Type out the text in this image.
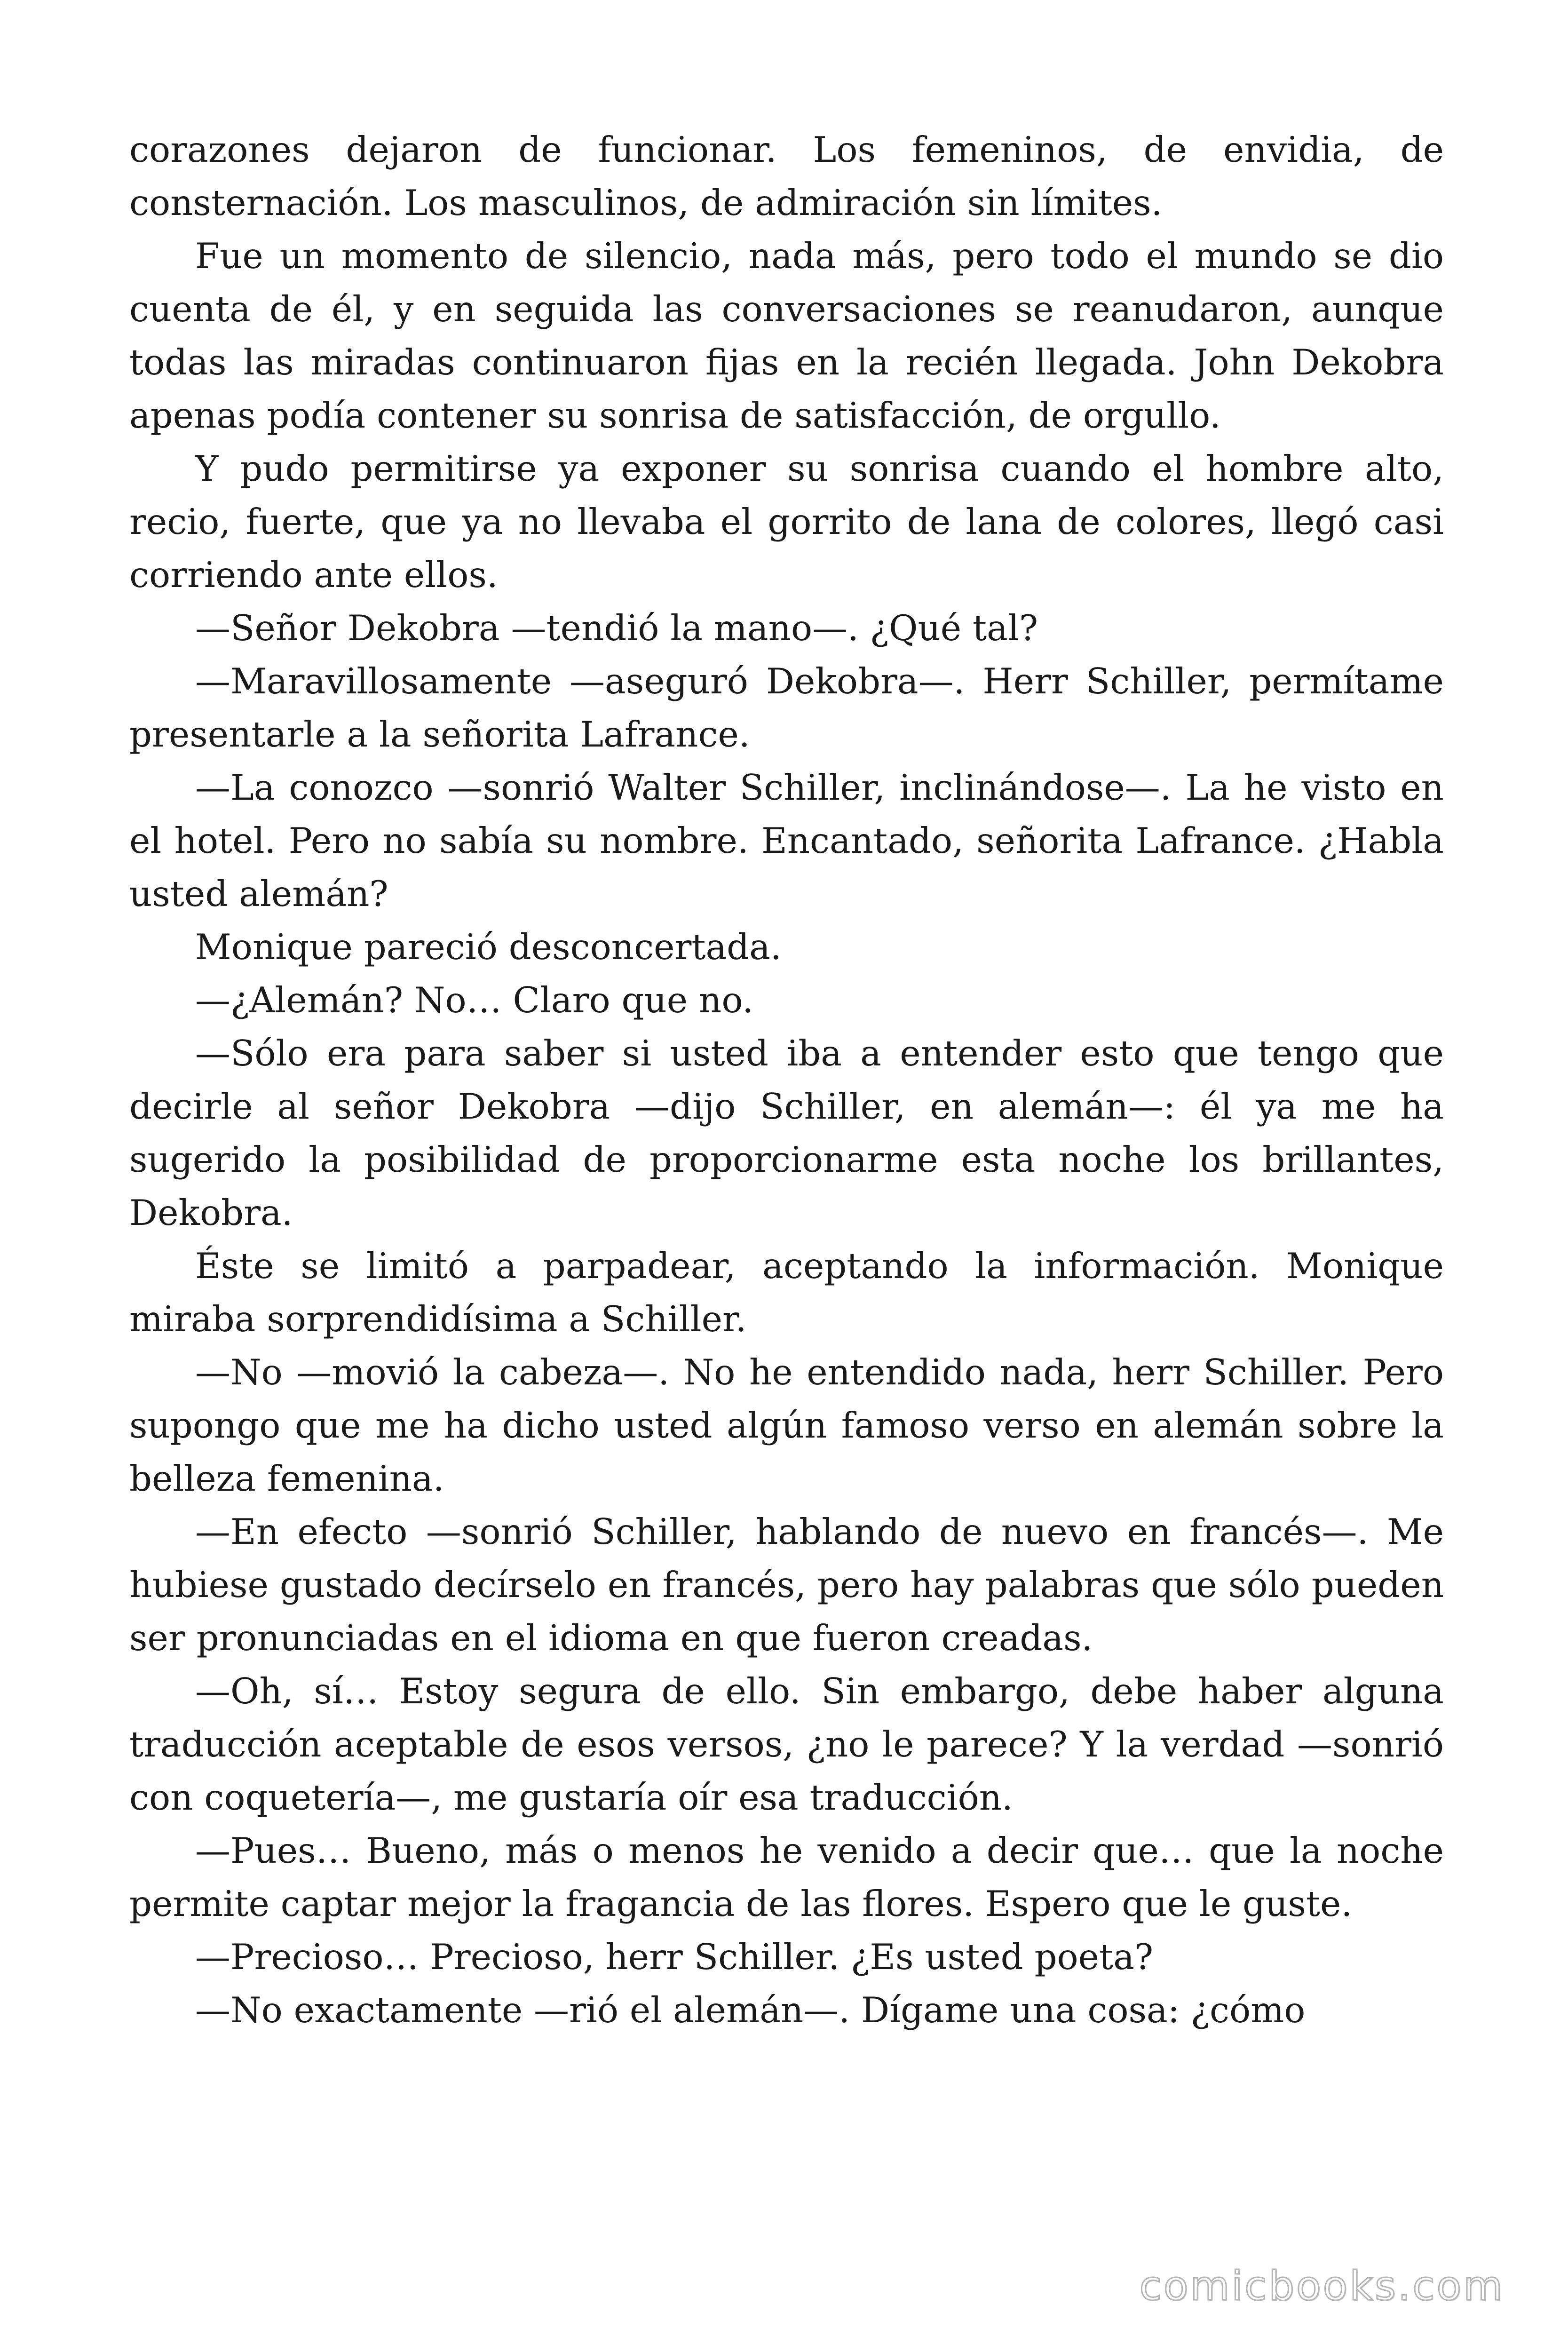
corazones dejaron de funcionar. Los femeninos, de envidia, de consternación. Los masculinos, de admiración sin límites.

Fue un momento de silencio, nada más, pero todo el mundo se dio cuenta de él, y en seguida las conversaciones se reanudaron, aunque todas las miradas continuaron fijas en la recién llegada. John Dekobra apenas podía contener su sonrisa de satisfacción, de orgullo.

Y pudo permitirse ya exponer su sonrisa cuando el hombre alto, recio, fuerte, que ya no llevaba el gorrito de lana de colores, llegó casi corriendo ante ellos.

—Señor Dekobra —tendió la mano—. ¿Qué tal?

—Maravillosamente —aseguró Dekobra—. Herr Schiller, permítame presentarle a la señorita Lafrance.

—La conozco —sonrió Walter Schiller, inclinándose—. La he visto en el hotel. Pero no sabía su nombre. Encantado, señorita Lafrance. ¿Habla usted alemán?

Monique pareció desconcertada.

—¿Alemán? No… Claro que no.

—Sólo era para saber si usted iba a entender esto que tengo que decirle al señor Dekobra —dijo Schiller, en alemán—: él ya me ha sugerido la posibilidad de proporcionarme esta noche los brillantes, Dekobra.

Éste se limitó a parpadear, aceptando la información. Monique miraba sorprendidísima a Schiller.

—No —movió la cabeza—. No he entendido nada, herr Schiller. Pero supongo que me ha dicho usted algún famoso verso en alemán sobre la belleza femenina.

—En efecto —sonrió Schiller, hablando de nuevo en francés—. Me hubiese gustado decírselo en francés, pero hay palabras que sólo pueden ser pronunciadas en el idioma en que fueron creadas.

—Oh, sí… Estoy segura de ello. Sin embargo, debe haber alguna traducción aceptable de esos versos, ¿no le parece? Y la verdad —sonrió con coquetería—, me gustaría oír esa traducción.

—Pues… Bueno, más o menos he venido a decir que… que la noche permite captar mejor la fragancia de las flores. Espero que le guste.

—Precioso… Precioso, herr Schiller. ¿Es usted poeta?

—No exactamente —rió el alemán—. Dígame una cosa: ¿cómo

comicbooks.com
